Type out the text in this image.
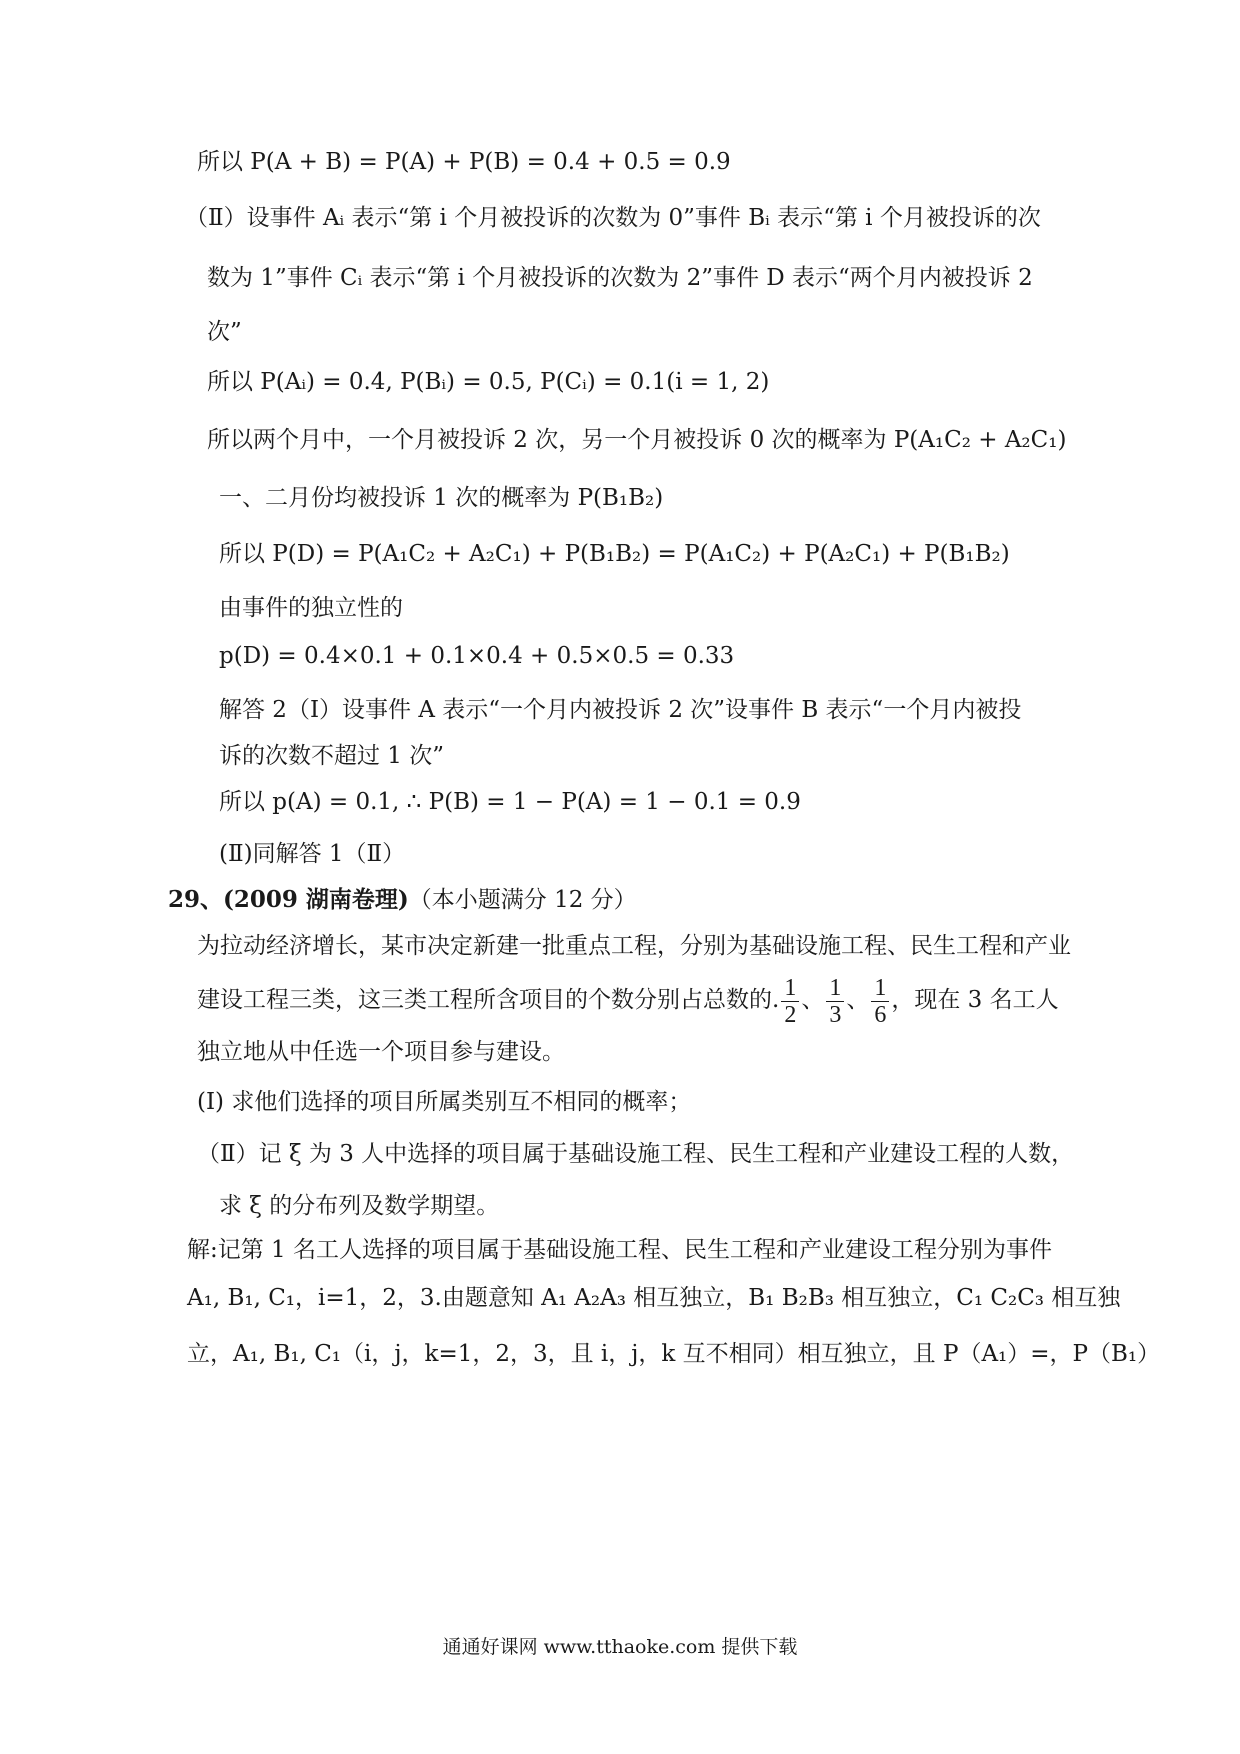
所以 P(A + B) = P(A) + P(B) = 0.4 + 0.5 = 0.9
（Ⅱ）设事件 Aᵢ 表示“第 i 个月被投诉的次数为 0”事件 Bᵢ 表示“第 i 个月被投诉的次
数为 1”事件 Cᵢ 表示“第 i 个月被投诉的次数为 2”事件 D 表示“两个月内被投诉 2
次”
所以 P(Aᵢ) = 0.4, P(Bᵢ) = 0.5, P(Cᵢ) = 0.1(i = 1, 2)
所以两个月中，一个月被投诉 2 次，另一个月被投诉 0 次的概率为 P(A₁C₂ + A₂C₁)
一、二月份均被投诉 1 次的概率为 P(B₁B₂)
所以 P(D) = P(A₁C₂ + A₂C₁) + P(B₁B₂) = P(A₁C₂) + P(A₂C₁) + P(B₁B₂)
由事件的独立性的
p(D) = 0.4×0.1 + 0.1×0.4 + 0.5×0.5 = 0.33
解答 2（Ⅰ）设事件 A 表示“一个月内被投诉 2 次”设事件 B 表示“一个月内被投
诉的次数不超过 1 次”
所以 p(A) = 0.1, ∴ P(B) = 1 − P(A) = 1 − 0.1 = 0.9
(Ⅱ)同解答 1（Ⅱ）
29、(2009 湖南卷理)（本小题满分 12 分）
为拉动经济增长，某市决定新建一批重点工程，分别为基础设施工程、民生工程和产业
建设工程三类，这三类工程所含项目的个数分别占总数的. $\frac{1}{2}$ 、 $\frac{1}{3}$ 、 $\frac{1}{6}$ ，现在 3 名工人
独立地从中任选一个项目参与建设。
(Ⅰ) 求他们选择的项目所属类别互不相同的概率；
（Ⅱ）记 ξ 为 3 人中选择的项目属于基础设施工程、民生工程和产业建设工程的人数，
求 ξ 的分布列及数学期望。
解:记第 1 名工人选择的项目属于基础设施工程、民生工程和产业建设工程分别为事件
A₁, B₁, C₁，i=1，2，3.由题意知 A₁ A₂A₃ 相互独立，B₁ B₂B₃ 相互独立，C₁ C₂C₃ 相互独
立，A₁, B₁, C₁（i，j，k=1，2，3，且 i，j，k 互不相同）相互独立，且 P（A₁）=，P（B₁）
通通好课网 www.tthaoke.com 提供下载
